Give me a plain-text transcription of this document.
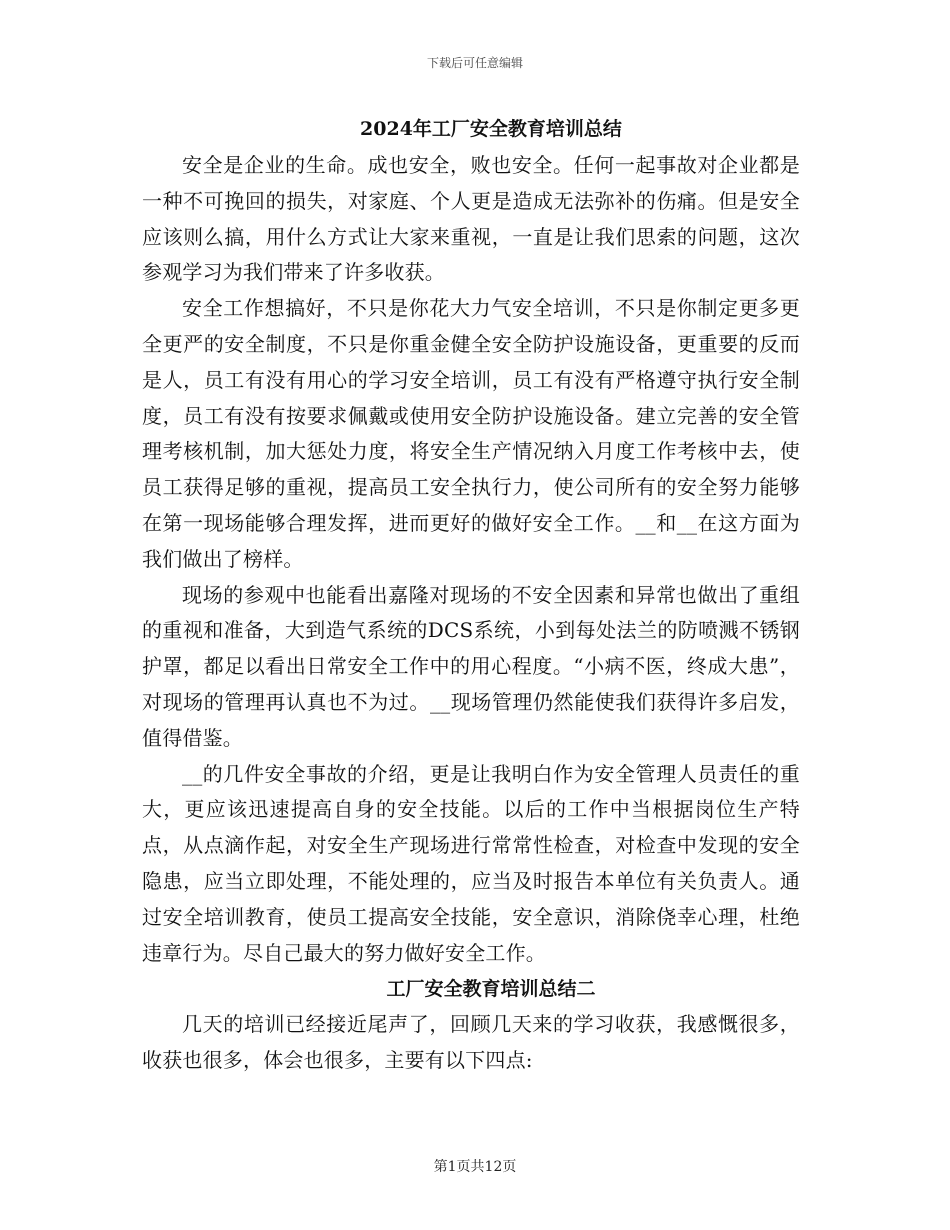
下载后可任意编辑
2024年工厂安全教育培训总结

安全是企业的生命。成也安全，败也安全。任何一起事故对企业都是一种不可挽回的损失，对家庭、个人更是造成无法弥补的伤痛。但是安全应该则么搞，用什么方式让大家来重视，一直是让我们思索的问题，这次参观学习为我们带来了许多收获。

安全工作想搞好，不只是你花大力气安全培训，不只是你制定更多更全更严的安全制度，不只是你重金健全安全防护设施设备，更重要的反而是人，员工有没有用心的学习安全培训，员工有没有严格遵守执行安全制度，员工有没有按要求佩戴或使用安全防护设施设备。建立完善的安全管理考核机制，加大惩处力度，将安全生产情况纳入月度工作考核中去，使员工获得足够的重视，提高员工安全执行力，使公司所有的安全努力能够在第一现场能够合理发挥，进而更好的做好安全工作。__和__在这方面为我们做出了榜样。

现场的参观中也能看出嘉隆对现场的不安全因素和异常也做出了重组的重视和准备，大到造气系统的DCS系统，小到每处法兰的防喷溅不锈钢护罩，都足以看出日常安全工作中的用心程度。“小病不医，终成大患”，对现场的管理再认真也不为过。__现场管理仍然能使我们获得许多启发，值得借鉴。

__的几件安全事故的介绍，更是让我明白作为安全管理人员责任的重大，更应该迅速提高自身的安全技能。以后的工作中当根据岗位生产特点，从点滴作起，对安全生产现场进行常常性检查，对检查中发现的安全隐患，应当立即处理，不能处理的，应当及时报告本单位有关负责人。通过安全培训教育，使员工提高安全技能，安全意识，消除侥幸心理，杜绝违章行为。尽自己最大的努力做好安全工作。

工厂安全教育培训总结二

几天的培训已经接近尾声了，回顾几天来的学习收获，我感慨很多，收获也很多，体会也很多，主要有以下四点:

第1页共12页
